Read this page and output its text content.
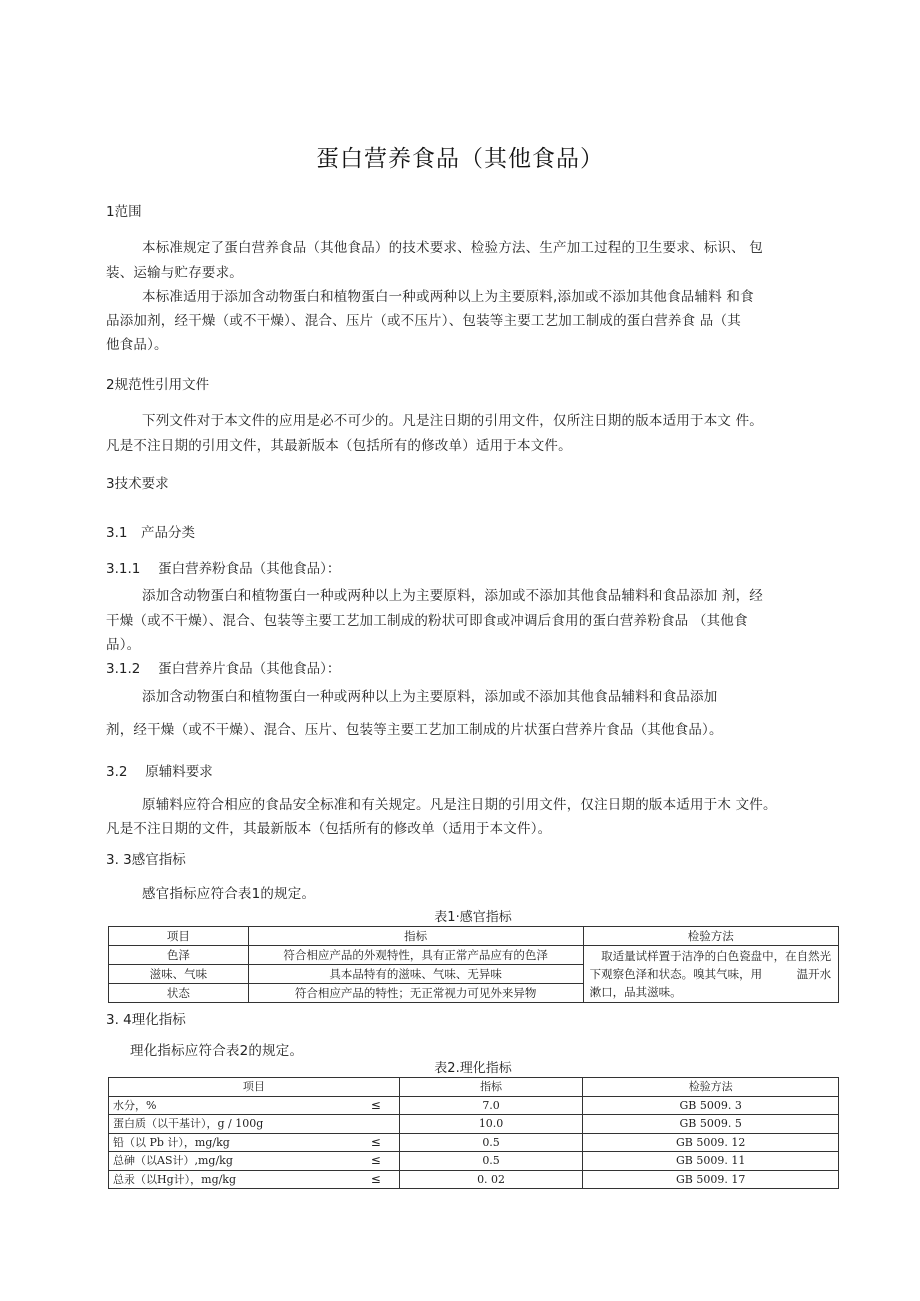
蛋白营养食品（其他食品）
1范围
本标准规定了蛋白营养食品（其他食品）的技术要求、检验方法、生产加工过程的卫生要求、标识、 包
装、运输与贮存要求。
本标准适用于添加含动物蛋白和植物蛋白一种或两种以上为主要原料,添加或不添加其他食品辅料 和食
品添加剂，经干燥（或不干燥）、混合、压片（或不压片）、包装等主要工艺加工制成的蛋白营养食 品（其
他食品）。
2规范性引用文件
下列文件对于本文件的应用是必不可少的。凡是注日期的引用文件，仅所注日期的版本适用于本文 件。
凡是不注日期的引用文件，其最新版本（包括所有的修改单）适用于本文件。
3技术要求
3.1　产品分类
3.1.1　 蛋白营养粉食品（其他食品）：
添加含动物蛋白和植物蛋白一种或两种以上为主要原料，添加或不添加其他食品辅料和食品添加 剂，经
干燥（或不干燥）、混合、包装等主要工艺加工制成的粉状可即食或冲调后食用的蛋白营养粉食品 （其他食
品）。
3.1.2　 蛋白营养片食品（其他食品）：
添加含动物蛋白和植物蛋白一种或两种以上为主要原料，添加或不添加其他食品辅料和食品添加
剂，经干燥（或不干燥）、混合、压片、包装等主要工艺加工制成的片状蛋白营养片食品（其他食品）。
3.2　 原辅料要求
原辅料应符合相应的食品安全标准和有关规定。凡是注日期的引用文件，仅注日期的版本适用于木 文件。
凡是不注日期的文件，其最新版本（包括所有的修改单（适用于本文件）。
3. 3感官指标
感官指标应符合表1的规定。
表1·感官指标
项目	指标	检验方法
色泽	符合相应产品的外观特性，具有正常产品应有的色泽	　取适量试样置于洁净的白色瓷盘中，在自然光下观察色泽和状态。嗅其气味，用　　　温开水漱口，品其滋味。
滋味、气味	具本品特有的滋味、气味、无异味	
状态	符合相应产品的特性；无正常视力可见外来异物	
3. 4理化指标
理化指标应符合表2的规定。
表2.理化指标
项目		指标	检验方法
水分，%	≤	7.0	GB 5009. 3
蛋白质（以干基计），g / 100g		10.0	GB 5009. 5
铅（以 Pb 计），mg/kg	≤	0.5	GB 5009. 12
总砷（以AS计）,mg/kg	≤	0.5	GB 5009. 11
总汞（以Hg计），mg/kg	≤	0. 02	GB 5009. 17
